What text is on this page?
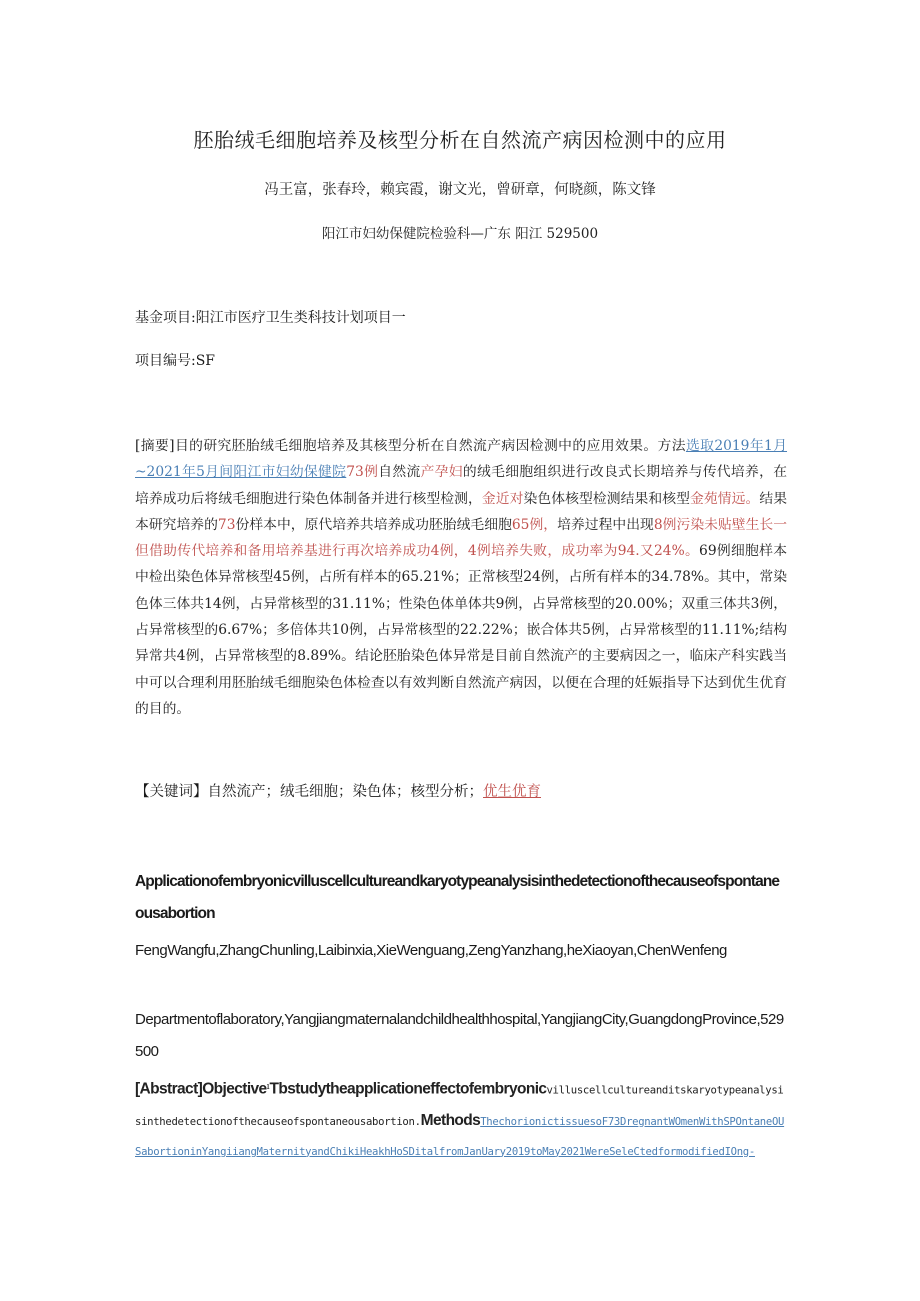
胚胎绒毛细胞培养及核型分析在自然流产病因检测中的应用
冯王富，张春玲，赖宾霞，谢文光，曾研章，何晓颜，陈文锋
阳江市妇幼保健院检验科—广东 阳江 529500
基金项目:阳江市医疗卫生类科技计划项目一
项目编号:SF
[摘要]目的研究胚胎绒毛细胞培养及其核型分析在自然流产病因检测中的应用效果。方法选取2019年1月~2021年5月间阳江市妇幼保健院73例自然流产孕妇的绒毛细胞组织进行改良式长期培养与传代培养，在培养成功后将绒毛细胞进行染色体制备并进行核型检测，金近对染色体核型检测结果和核型金苑情远。结果本研究培养的73份样本中，原代培养共培养成功胚胎绒毛细胞65例，培养过程中出现8例污染未贴壁生长一但借助传代培养和备用培养基进行再次培养成功4例，4例培养失败，成功率为94.又24%。69例细胞样本中检出染色体异常核型45例，占所有样本的65.21%；正常核型24例，占所有样本的34.78%。其中，常染色体三体共14例，占异常核型的31.11%；性染色体单体共9例，占异常核型的20.00%；双重三体共3例，占异常核型的6.67%；多倍体共10例，占异常核型的22.22%；嵌合体共5例，占异常核型的11.11%;结构异常共4例，占异常核型的8.89%。结论胚胎染色体异常是目前自然流产的主要病因之一，临床产科实践当中可以合理利用胚胎绒毛细胞染色体检查以有效判断自然流产病因，以便在合理的妊娠指导下达到优生优育的目的。
【关键词】自然流产；绒毛细胞；染色体；核型分析；优生优育
Applicationofembryonicvilluscellcultureandkaryotypeanalysisinthedetectionofthecauseofspontaneousabortion
FengWangfu,ZhangChunling,Laibinxia,XieWenguang,ZengYanzhang,heXiaoyan,ChenWenfeng
Departmentoflaboratory,Yangjiangmaternalandchildhealthhospital,YangjiangCity,GuangdongProvince,529500
[Abstract]Objective$^ı$Tbstudytheapplicationeffectofembryonicvilluscellcultureanditskaryotypeanalysisinthedetectionofthecauseofspontaneousabortion.MethodsThechorionictissuesoF73DregnantWOmenWithSPOntaneOUSabortioninYangiiangMaternityandChikiHeakhHoSDitalfromJanUary2019toMay2021WereSeleCtedformodifiedIOng-
